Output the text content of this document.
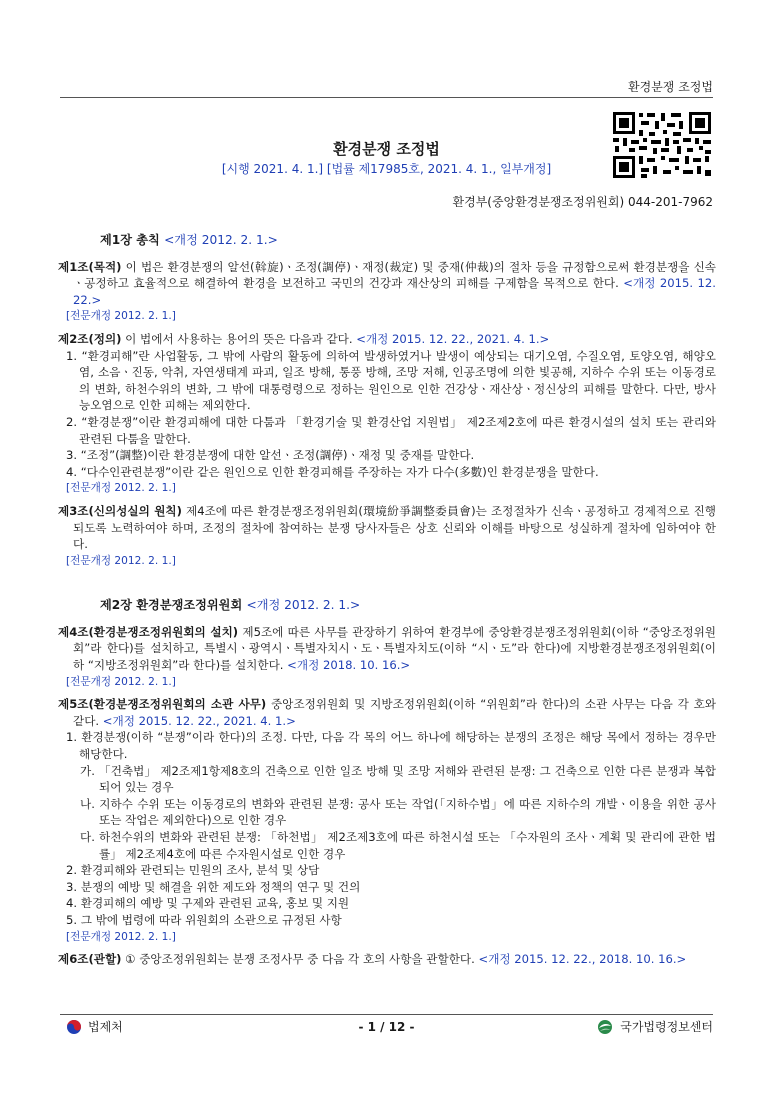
환경분쟁 조정법
환경분쟁 조정법
[시행 2021. 4. 1.] [법률 제17985호, 2021. 4. 1., 일부개정]
환경부(중앙환경분쟁조정위원회) 044-201-7962

제1장 총칙 <개정 2012. 2. 1.>

제1조(목적) 이 법은 환경분쟁의 알선(斡旋)ㆍ조정(調停)ㆍ재정(裁定) 및 중재(仲裁)의 절차 등을 규정함으로써 환경분쟁을 신속ㆍ공정하고 효율적으로 해결하여 환경을 보전하고 국민의 건강과 재산상의 피해를 구제함을 목적으로 한다. <개정 2015. 12. 22.>

[전문개정 2012. 2. 1.]

제2조(정의) 이 법에서 사용하는 용어의 뜻은 다음과 같다. <개정 2015. 12. 22., 2021. 4. 1.>

1. “환경피해”란 사업활동, 그 밖에 사람의 활동에 의하여 발생하였거나 발생이 예상되는 대기오염, 수질오염, 토양오염, 해양오염, 소음ㆍ진동, 악취, 자연생태계 파괴, 일조 방해, 통풍 방해, 조망 저해, 인공조명에 의한 빛공해, 지하수 수위 또는 이동경로의 변화, 하천수위의 변화, 그 밖에 대통령령으로 정하는 원인으로 인한 건강상ㆍ재산상ㆍ정신상의 피해를 말한다. 다만, 방사능오염으로 인한 피해는 제외한다.

2. “환경분쟁”이란 환경피해에 대한 다툼과 「환경기술 및 환경산업 지원법」 제2조제2호에 따른 환경시설의 설치 또는 관리와 관련된 다툼을 말한다.

3. “조정”(調整)이란 환경분쟁에 대한 알선ㆍ조정(調停)ㆍ재정 및 중재를 말한다.

4. “다수인관련분쟁”이란 같은 원인으로 인한 환경피해를 주장하는 자가 다수(多數)인 환경분쟁을 말한다.

[전문개정 2012. 2. 1.]

제3조(신의성실의 원칙) 제4조에 따른 환경분쟁조정위원회(環境紛爭調整委員會)는 조정절차가 신속ㆍ공정하고 경제적으로 진행되도록 노력하여야 하며, 조정의 절차에 참여하는 분쟁 당사자들은 상호 신뢰와 이해를 바탕으로 성실하게 절차에 임하여야 한다.

[전문개정 2012. 2. 1.]

제2장 환경분쟁조정위원회 <개정 2012. 2. 1.>

제4조(환경분쟁조정위원회의 설치) 제5조에 따른 사무를 관장하기 위하여 환경부에 중앙환경분쟁조정위원회(이하 “중앙조정위원회”라 한다)를 설치하고, 특별시ㆍ광역시ㆍ특별자치시ㆍ도ㆍ특별자치도(이하 “시ㆍ도”라 한다)에 지방환경분쟁조정위원회(이하 “지방조정위원회”라 한다)를 설치한다. <개정 2018. 10. 16.>

[전문개정 2012. 2. 1.]

제5조(환경분쟁조정위원회의 소관 사무) 중앙조정위원회 및 지방조정위원회(이하 “위원회”라 한다)의 소관 사무는 다음 각 호와 같다. <개정 2015. 12. 22., 2021. 4. 1.>

1. 환경분쟁(이하 “분쟁”이라 한다)의 조정. 다만, 다음 각 목의 어느 하나에 해당하는 분쟁의 조정은 해당 목에서 정하는 경우만 해당한다.

가. 「건축법」 제2조제1항제8호의 건축으로 인한 일조 방해 및 조망 저해와 관련된 분쟁: 그 건축으로 인한 다른 분쟁과 복합되어 있는 경우

나. 지하수 수위 또는 이동경로의 변화와 관련된 분쟁: 공사 또는 작업(「지하수법」에 따른 지하수의 개발ㆍ이용을 위한 공사 또는 작업은 제외한다)으로 인한 경우

다. 하천수위의 변화와 관련된 분쟁: 「하천법」 제2조제3호에 따른 하천시설 또는 「수자원의 조사ㆍ계획 및 관리에 관한 법률」 제2조제4호에 따른 수자원시설로 인한 경우

2. 환경피해와 관련되는 민원의 조사, 분석 및 상담

3. 분쟁의 예방 및 해결을 위한 제도와 정책의 연구 및 건의

4. 환경피해의 예방 및 구제와 관련된 교육, 홍보 및 지원

5. 그 밖에 법령에 따라 위원회의 소관으로 규정된 사항

[전문개정 2012. 2. 1.]

제6조(관할) ① 중앙조정위원회는 분쟁 조정사무 중 다음 각 호의 사항을 관할한다. <개정 2015. 12. 22., 2018. 10. 16.>

법제처	- 1 / 12 -	국가법령정보센터
